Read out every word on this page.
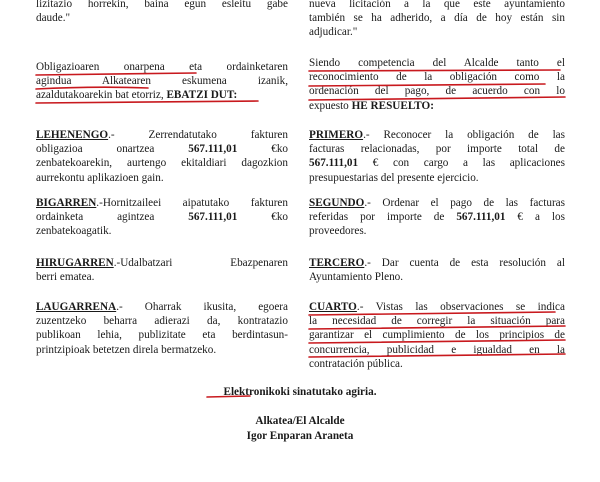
lizitazio horrekin, baina egun esleitu gabe
daude."
Obligazioaren onarpena eta ordainketaren
agindua Alkatearen eskumena izanik,
azaldutakoarekin bat etorriz, EBATZI DUT:
LEHENENGO.- Zerrendatutako fakturen
obligazioa onartzea 567.111,01 €ko
zenbatekoarekin, aurtengo ekitaldiari dagozkion
aurrekontu aplikazioen gain.
BIGARREN.-Hornitzaileei aipatutako fakturen
ordainketa agintzea 567.111,01 €ko
zenbatekoagatik.
HIRUGARREN.-Udalbatzari Ebazpenaren
berri ematea.
LAUGARRENA.- Oharrak ikusita, egoera
zuzentzeko beharra adierazi da, kontratazio
publikoan lehia, publizitate eta berdintasun-
printzipioak betetzen direla bermatzeko.
nueva licitación a la que este ayuntamiento
también se ha adherido, a día de hoy están sin
adjudicar."
Siendo competencia del Alcalde tanto el
reconocimiento de la obligación como la
ordenación del pago, de acuerdo con lo
expuesto HE RESUELTO:
PRIMERO.- Reconocer la obligación de las
facturas relacionadas, por importe total de
567.111,01 € con cargo a las aplicaciones
presupuestarias del presente ejercicio.
SEGUNDO.- Ordenar el pago de las facturas
referidas por importe de 567.111,01 € a los
proveedores.
TERCERO.- Dar cuenta de esta resolución al
Ayuntamiento Pleno.
CUARTO.- Vistas las observaciones se indica
la necesidad de corregir la situación para
garantizar el cumplimiento de los principios de
concurrencia, publicidad e igualdad en la
contratación pública.
Elektronikoki sinatutako agiria.
Alkatea/El Alcalde
Igor Enparan Araneta
